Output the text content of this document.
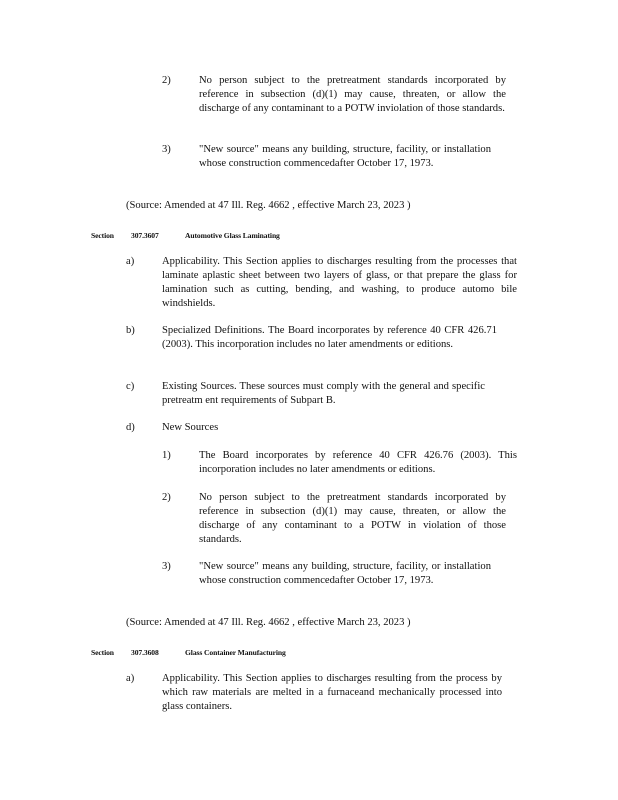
2)	No person subject to the pretreatment standards incorporated by reference in subsection (d)(1) may cause, threaten, or allow the discharge of any contaminant to a POTW inviolation of those standards.
3)	"New source" means any building, structure, facility, or installation whose construction commencedafter October 17, 1973.
(Source: Amended at 47 Ill. Reg. 4662 , effective March 23, 2023 )
Section 307.3607	Automotive Glass Laminating
a)	Applicability. This Section applies to discharges resulting from the processes that laminate aplastic sheet between two layers of glass, or that prepare the glass for lamination such as cutting, bending, and washing, to produce automo bile windshields.
b)	Specialized Definitions. The Board incorporates by reference 40 CFR 426.71 (2003). This incorporation includes no later amendments or editions.
c)	Existing Sources. These sources must comply with the general and specific pretreatm ent requirements of Subpart B.
d)	New Sources
1)	The Board incorporates by reference 40 CFR 426.76 (2003). This incorporation includes no later amendments or editions.
2)	No person subject to the pretreatment standards incorporated by reference in subsection (d)(1) may cause, threaten, or allow the discharge of any contaminant to a POTW in violation of those standards.
3)	"New source" means any building, structure, facility, or installation whose construction commencedafter October 17, 1973.
(Source: Amended at 47 Ill. Reg. 4662 , effective March 23, 2023 )
Section 307.3608	Glass Container Manufacturing
a)	Applicability. This Section applies to discharges resulting from the process by which raw materials are melted in a furnaceand mechanically processed into glass containers.
